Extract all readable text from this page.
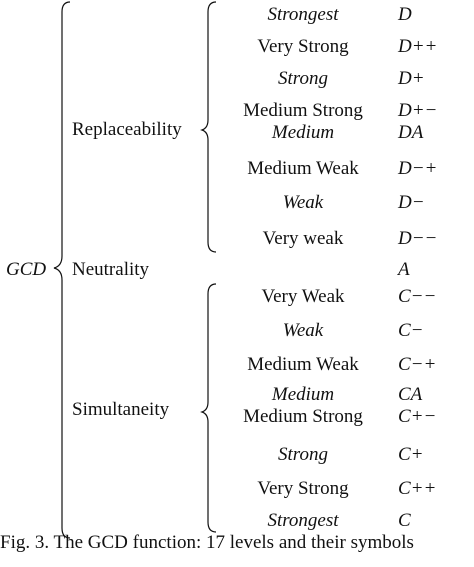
GCD
Replaceability
Neutrality
Simultaneity
Strongest
Very Strong
Strong
Medium Strong
Medium
Medium Weak
Weak
Very weak
D
D++
D+
D+−
DA
D−+
D−
D−−
A
Very Weak
Weak
Medium Weak
Medium
Medium Strong
Strong
Very Strong
Strongest
C−−
C−
C−+
CA
C+−
C+
C++
C
Fig. 3. The GCD function: 17 levels and their symbols
